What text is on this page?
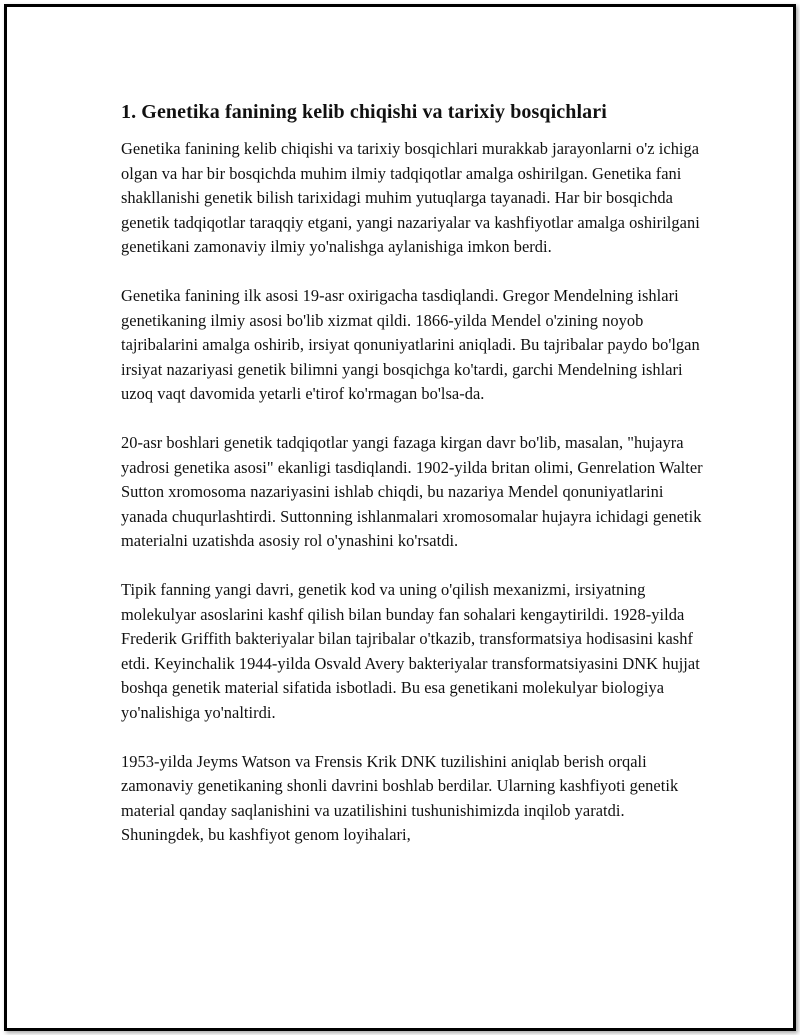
1. Genetika fanining kelib chiqishi va tarixiy bosqichlari

Genetika fanining kelib chiqishi va tarixiy bosqichlari murakkab jarayonlarni o'z ichiga olgan va har bir bosqichda muhim ilmiy tadqiqotlar amalga oshirilgan. Genetika fani shakllanishi genetik bilish tarixidagi muhim yutuqlarga tayanadi. Har bir bosqichda genetik tadqiqotlar taraqqiy etgani, yangi nazariyalar va kashfiyotlar amalga oshirilgani genetikani zamonaviy ilmiy yo'nalishga aylanishiga imkon berdi.

Genetika fanining ilk asosi 19-asr oxirigacha tasdiqlandi. Gregor Mendelning ishlari genetikaning ilmiy asosi bo'lib xizmat qildi. 1866-yilda Mendel o'zining noyob tajribalarini amalga oshirib, irsiyat qonuniyatlarini aniqladi. Bu tajribalar paydo bo'lgan irsiyat nazariyasi genetik bilimni yangi bosqichga ko'tardi, garchi Mendelning ishlari uzoq vaqt davomida yetarli e'tirof ko'rmagan bo'lsa-da.

20-asr boshlari genetik tadqiqotlar yangi fazaga kirgan davr bo'lib, masalan, "hujayra yadrosi genetika asosi" ekanligi tasdiqlandi. 1902-yilda britan olimi, Genrelation Walter Sutton xromosoma nazariyasini ishlab chiqdi, bu nazariya Mendel qonuniyatlarini yanada chuqurlashtirdi. Suttonning ishlanmalari xromosomalar hujayra ichidagi genetik materialni uzatishda asosiy rol o'ynashini ko'rsatdi.

Tipik fanning yangi davri, genetik kod va uning o'qilish mexanizmi, irsiyatning molekulyar asoslarini kashf qilish bilan bunday fan sohalari kengaytirildi. 1928-yilda Frederik Griffith bakteriyalar bilan tajribalar o'tkazib, transformatsiya hodisasini kashf etdi. Keyinchalik 1944-yilda Osvald Avery bakteriyalar transformatsiyasini DNK hujjat boshqa genetik material sifatida isbotladi. Bu esa genetikani molekulyar biologiya yo'nalishiga yo'naltirdi.

1953-yilda Jeyms Watson va Frensis Krik DNK tuzilishini aniqlab berish orqali zamonaviy genetikaning shonli davrini boshlab berdilar. Ularning kashfiyoti genetik material qanday saqlanishini va uzatilishini tushunishimizda inqilob yaratdi. Shuningdek, bu kashfiyot genom loyihalari,
